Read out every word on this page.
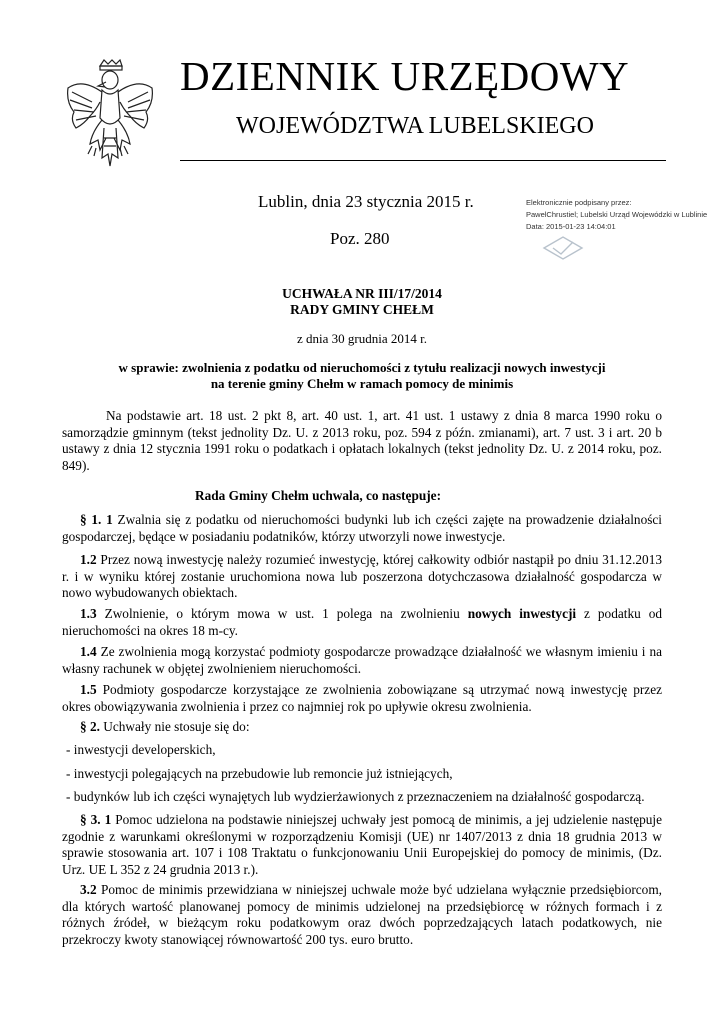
DZIENNIK URZĘDOWY
WOJEWÓDZTWA LUBELSKIEGO
Lublin, dnia 23 stycznia 2015 r.
Poz. 280
Elektronicznie podpisany przez:
PawelChrustiel; Lubelski Urząd Wojewódzki w Lublinie
Data: 2015-01-23 14:04:01
UCHWAŁA NR III/17/2014
RADY GMINY CHEŁM
z dnia 30 grudnia 2014 r.
w sprawie: zwolnienia z podatku od nieruchomości z tytułu realizacji nowych inwestycji
na terenie gminy Chełm w ramach pomocy de minimis

Na podstawie art. 18 ust. 2 pkt 8, art. 40 ust. 1, art. 41 ust. 1 ustawy z dnia 8 marca 1990 roku o samorządzie gminnym (tekst jednolity Dz. U. z 2013 roku, poz. 594 z późn. zmianami), art. 7 ust. 3 i art. 20 b ustawy z dnia 12 stycznia 1991 roku o podatkach i opłatach lokalnych (tekst jednolity Dz. U. z 2014 roku, poz. 849).

Rada Gminy Chełm uchwala, co następuje:

§ 1. 1 Zwalnia się z podatku od nieruchomości budynki lub ich części zajęte na prowadzenie działalności gospodarczej, będące w posiadaniu podatników, którzy utworzyli nowe inwestycje.

1.2 Przez nową inwestycję należy rozumieć inwestycję, której całkowity odbiór nastąpił po dniu 31.12.2013 r. i w wyniku której zostanie uruchomiona nowa lub poszerzona dotychczasowa działalność gospodarcza w nowo wybudowanych obiektach.

1.3 Zwolnienie, o którym mowa w ust. 1 polega na zwolnieniu nowych inwestycji z podatku od nieruchomości na okres 18 m-cy.

1.4 Ze zwolnienia mogą korzystać podmioty gospodarcze prowadzące działalność we własnym imieniu i na własny rachunek w objętej zwolnieniem nieruchomości.

1.5 Podmioty gospodarcze korzystające ze zwolnienia zobowiązane są utrzymać nową inwestycję przez okres obowiązywania zwolnienia i przez co najmniej rok po upływie okresu zwolnienia.

§ 2. Uchwały nie stosuje się do:

- inwestycji developerskich,
- inwestycji polegających na przebudowie lub remoncie już istniejących,
- budynków lub ich części wynajętych lub wydzierżawionych z przeznaczeniem na działalność gospodarczą.

§ 3. 1 Pomoc udzielona na podstawie niniejszej uchwały jest pomocą de minimis, a jej udzielenie następuje zgodnie z warunkami określonymi w rozporządzeniu Komisji (UE) nr 1407/2013 z dnia 18 grudnia 2013 w sprawie stosowania art. 107 i 108 Traktatu o funkcjonowaniu Unii Europejskiej do pomocy de minimis, (Dz. Urz. UE L 352 z 24 grudnia 2013 r.).

3.2 Pomoc de minimis przewidziana w niniejszej uchwale może być udzielana wyłącznie przedsiębiorcom, dla których wartość planowanej pomocy de minimis udzielonej na przedsiębiorcę w różnych formach i z różnych źródeł, w bieżącym roku podatkowym oraz dwóch poprzedzających latach podatkowych, nie przekroczy kwoty stanowiącej równowartość 200 tys. euro brutto.
